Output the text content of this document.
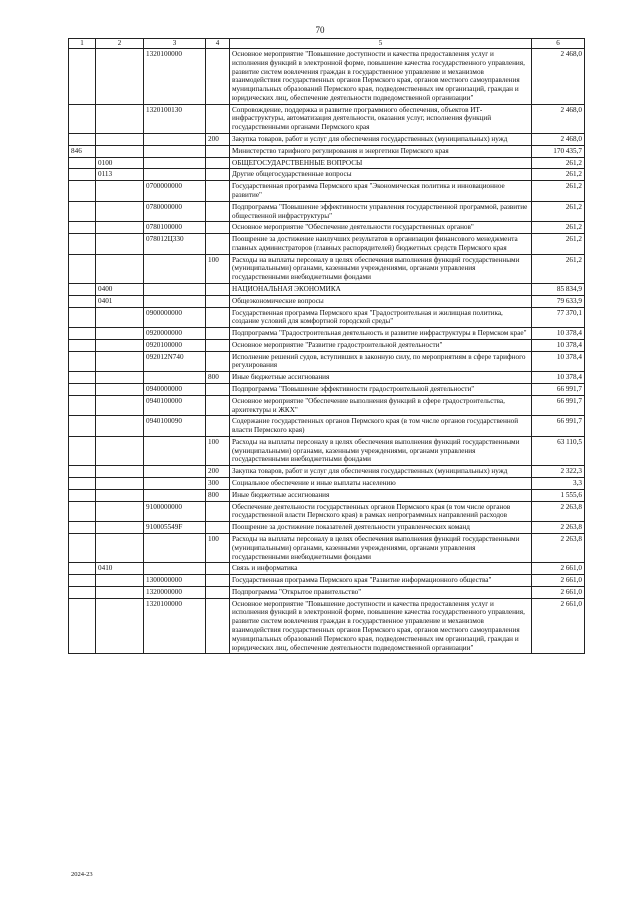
70
1	2	3	4	5	6
		1320100000		Основное мероприятие "Повышение доступности и качества предоставления услуг и исполнения функций в электронной форме, повышение качества государственного управления, развитие систем вовлечения граждан в государственное управление и механизмов взаимодействия государственных органов Пермского края, органов местного самоуправления муниципальных образований Пермского края, подведомственных им организаций, граждан и юридических лиц, обеспечение деятельности подведомственной организации"	2 468,0
		1320100130		Сопровождение, поддержка и развитие программного обеспечения, объектов ИТ-инфраструктуры, автоматизация деятельности, оказания услуг, исполнения функций государственными органами Пермского края	2 468,0
			200	Закупка товаров, работ и услуг для обеспечения государственных (муниципальных) нужд	2 468,0
846				Министерство тарифного регулирования и энергетики Пермского края	170 435,7
	0100			ОБЩЕГОСУДАРСТВЕННЫЕ ВОПРОСЫ	261,2
	0113			Другие общегосударственные вопросы	261,2
		0700000000		Государственная программа Пермского края "Экономическая политика и инновационное развитие"	261,2
		0780000000		Подпрограмма "Повышение эффективности управления государственной программой, развитие общественной инфраструктуры"	261,2
		0780100000		Основное мероприятие "Обеспечение деятельности государственных органов"	261,2
		078012Ц330		Поощрение за достижение наилучших результатов в организации финансового менеджмента главных администраторов (главных распорядителей) бюджетных средств Пермского края	261,2
			100	Расходы на выплаты персоналу в целях обеспечения выполнения функций государственными (муниципальными) органами, казенными учреждениями, органами управления государственными внебюджетными фондами	261,2
	0400			НАЦИОНАЛЬНАЯ ЭКОНОМИКА	85 834,9
	0401			Общеэкономические вопросы	79 633,9
		0900000000		Государственная программа Пермского края "Градостроительная и жилищная политика, создание условий для комфортной городской среды"	77 370,1
		0920000000		Подпрограмма "Градостроительная деятельность и развитие инфраструктуры в Пермском крае"	10 378,4
		0920100000		Основное мероприятие "Развитие градостроительной деятельности"	10 378,4
		092012N740		Исполнение решений судов, вступивших в законную силу, по мероприятиям в сфере тарифного регулирования	10 378,4
			800	Иные бюджетные ассигнования	10 378,4
		0940000000		Подпрограмма "Повышение эффективности градостроительной деятельности"	66 991,7
		0940100000		Основное мероприятие "Обеспечение выполнения функций в сфере градостроительства, архитектуры и ЖКХ"	66 991,7
		0940100090		Содержание государственных органов Пермского края (в том числе органов государственной власти Пермского края)	66 991,7
			100	Расходы на выплаты персоналу в целях обеспечения выполнения функций государственными (муниципальными) органами, казенными учреждениями, органами управления государственными внебюджетными фондами	63 110,5
			200	Закупка товаров, работ и услуг для обеспечения государственных (муниципальных) нужд	2 322,3
			300	Социальное обеспечение и иные выплаты населению	3,3
			800	Иные бюджетные ассигнования	1 555,6
		9100000000		Обеспечение деятельности государственных органов Пермского края (в том числе органов государственной власти Пермского края) в рамках непрограммных направлений расходов	2 263,8
		910005549F		Поощрение за достижение показателей деятельности управленческих команд	2 263,8
			100	Расходы на выплаты персоналу в целях обеспечения выполнения функций государственными (муниципальными) органами, казенными учреждениями, органами управления государственными внебюджетными фондами	2 263,8
	0410			Связь и информатика	2 661,0
		1300000000		Государственная программа Пермского края "Развитие информационного общества"	2 661,0
		1320000000		Подпрограмма "Открытое правительство"	2 661,0
		1320100000		Основное мероприятие "Повышение доступности и качества предоставления услуг и исполнения функций в электронной форме, повышение качества государственного управления, развитие систем вовлечения граждан в государственное управление и механизмов взаимодействия государственных органов Пермского края, органов местного самоуправления муниципальных образований Пермского края, подведомственных им организаций, граждан и юридических лиц, обеспечение деятельности подведомственной организации"	2 661,0
2024-23
